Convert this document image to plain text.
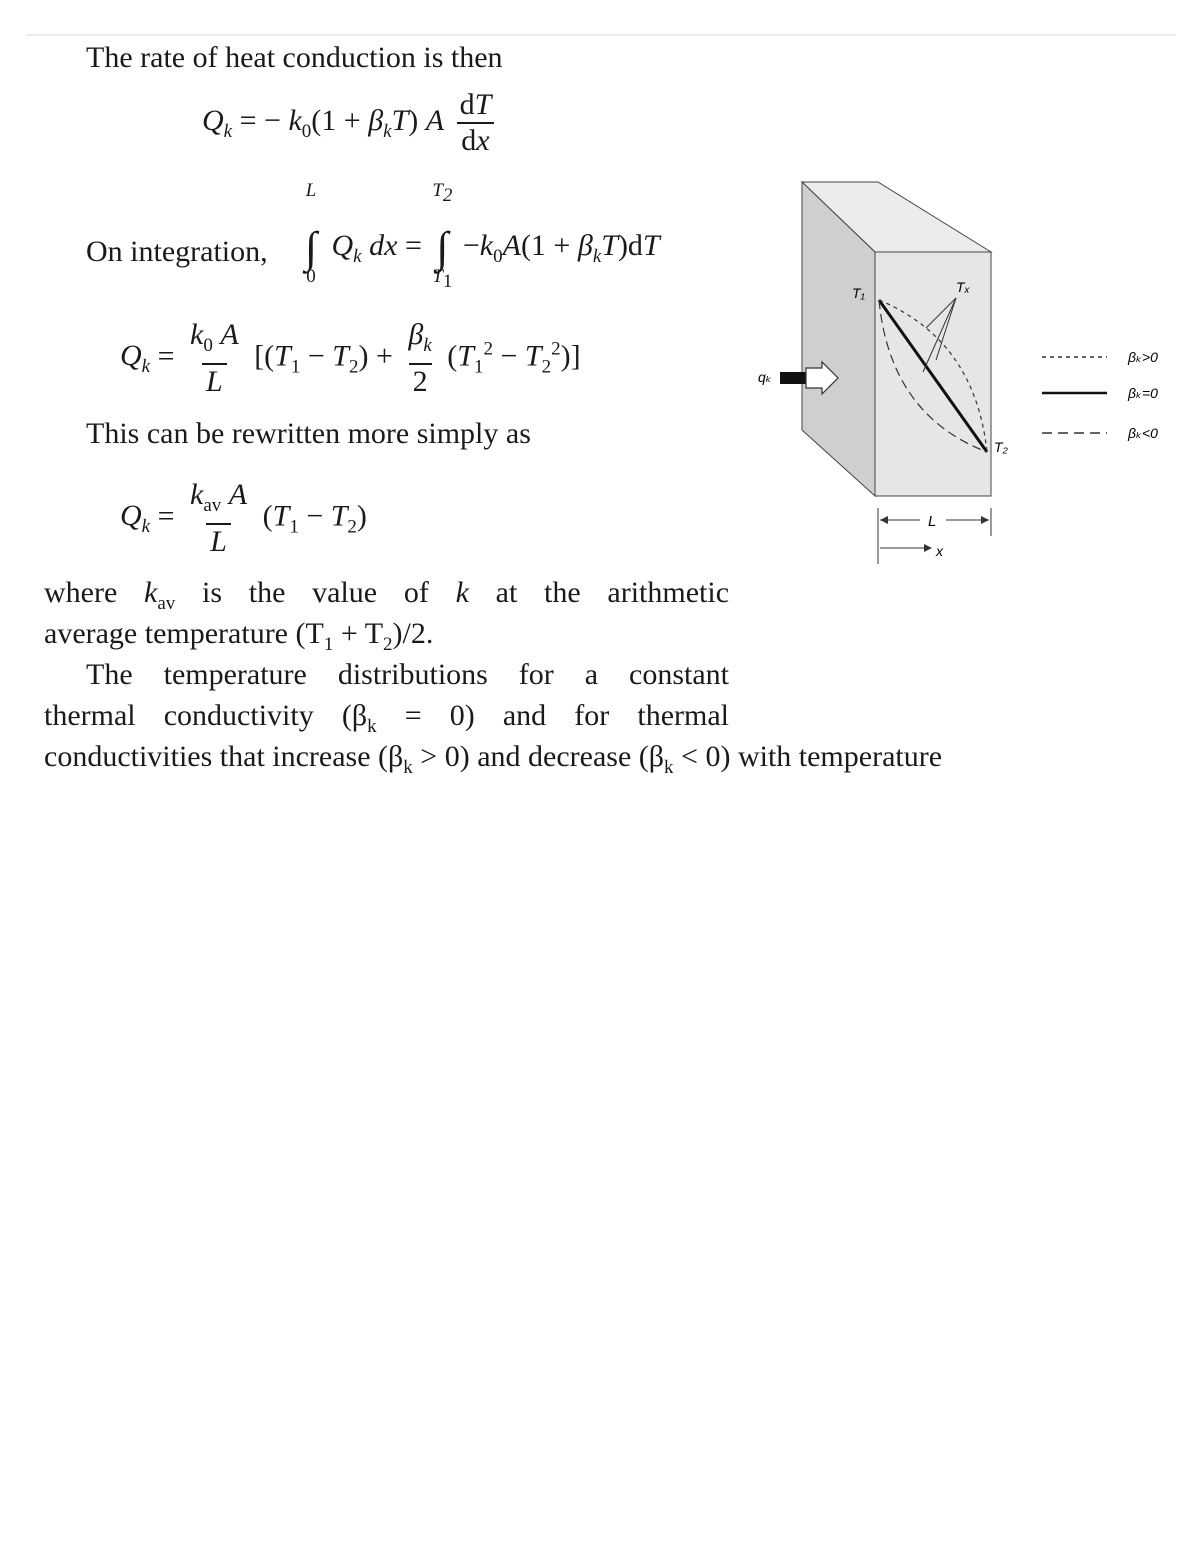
The rate of heat conduction is then
$Q_k$ = − $k_0(1 + \beta_kT)$ A $\frac{dT}{dx}$
On integration,
L
∫
0
$Q_k$ dx =
$T_2$
∫
$T_1$
$-k_0A(1 + \beta_kT)dT$
$Q_k = \frac{k_0 A}{L} [(T_1 - T_2) + \frac{\beta_k}{2} (T_1^2 - T_2^2)]$
This can be rewritten more simply as
$Q_k = \frac{k_{av} A}{L} (T_1 - T_2)$
where $k_{av}$ is the value of k at the arithmetic
average temperature $(T_1 + T_2)/2$.
The temperature distributions for a constant
thermal conductivity $(\beta_k = 0)$ and for thermal
conductivities that increase $(\beta_k > 0)$ and decrease $(\beta_k < 0)$ with temperature
T₁	Tₓ
T₂
qₖ
L
x
βₖ>0
βₖ=0
βₖ<0
